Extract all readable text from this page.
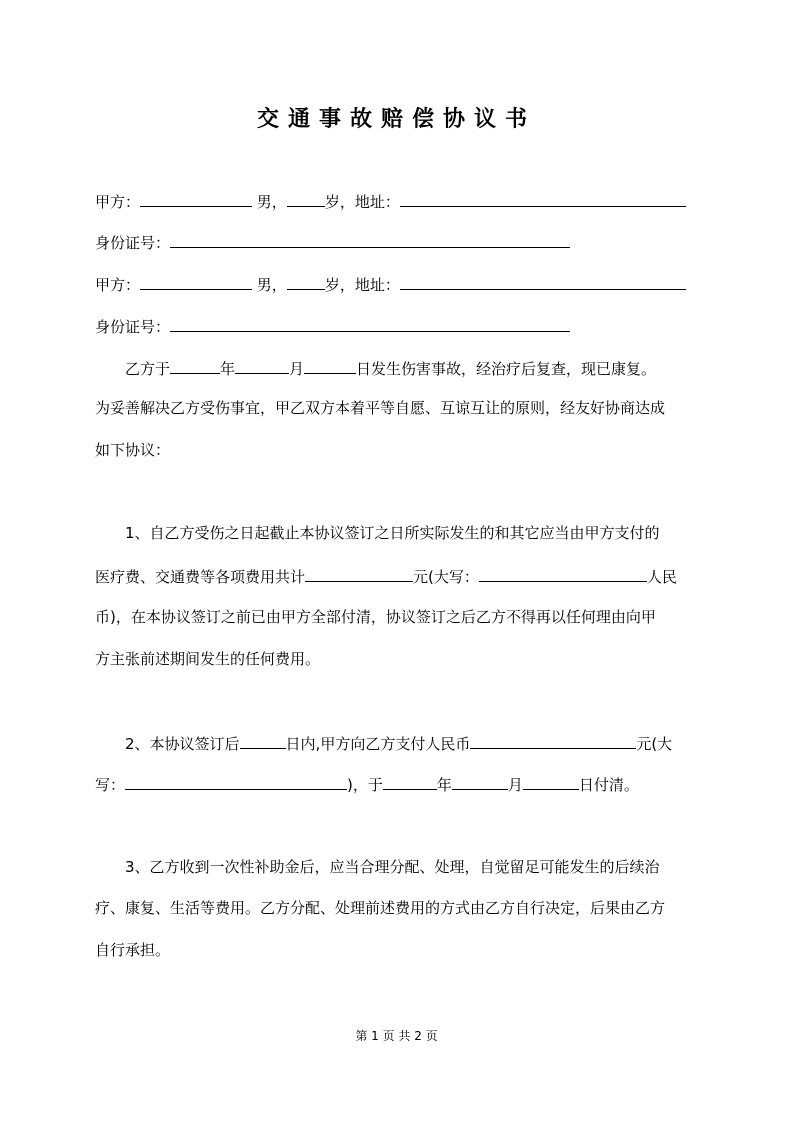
交通事故赔偿协议书
甲方：	男，	岁，地址：
身份证号：
甲方：	男，	岁，地址：
身份证号：
乙方于	年	月	日发生伤害事故，经治疗后复查，现已康复。
为妥善解决乙方受伤事宜，甲乙双方本着平等自愿、互谅互让的原则，经友好协商达成
如下协议：
1、自乙方受伤之日起截止本协议签订之日所实际发生的和其它应当由甲方支付的
医疗费、交通费等各项费用共计	元(大写：	人民
币)，在本协议签订之前已由甲方全部付清，协议签订之后乙方不得再以任何理由向甲
方主张前述期间发生的任何费用。
2、本协议签订后	日内,甲方向乙方支付人民币	元(大
写：	)，于	年	月	日付清。
3、乙方收到一次性补助金后，应当合理分配、处理，自觉留足可能发生的后续治
疗、康复、生活等费用。乙方分配、处理前述费用的方式由乙方自行决定，后果由乙方
自行承担。
第 1 页 共 2 页
